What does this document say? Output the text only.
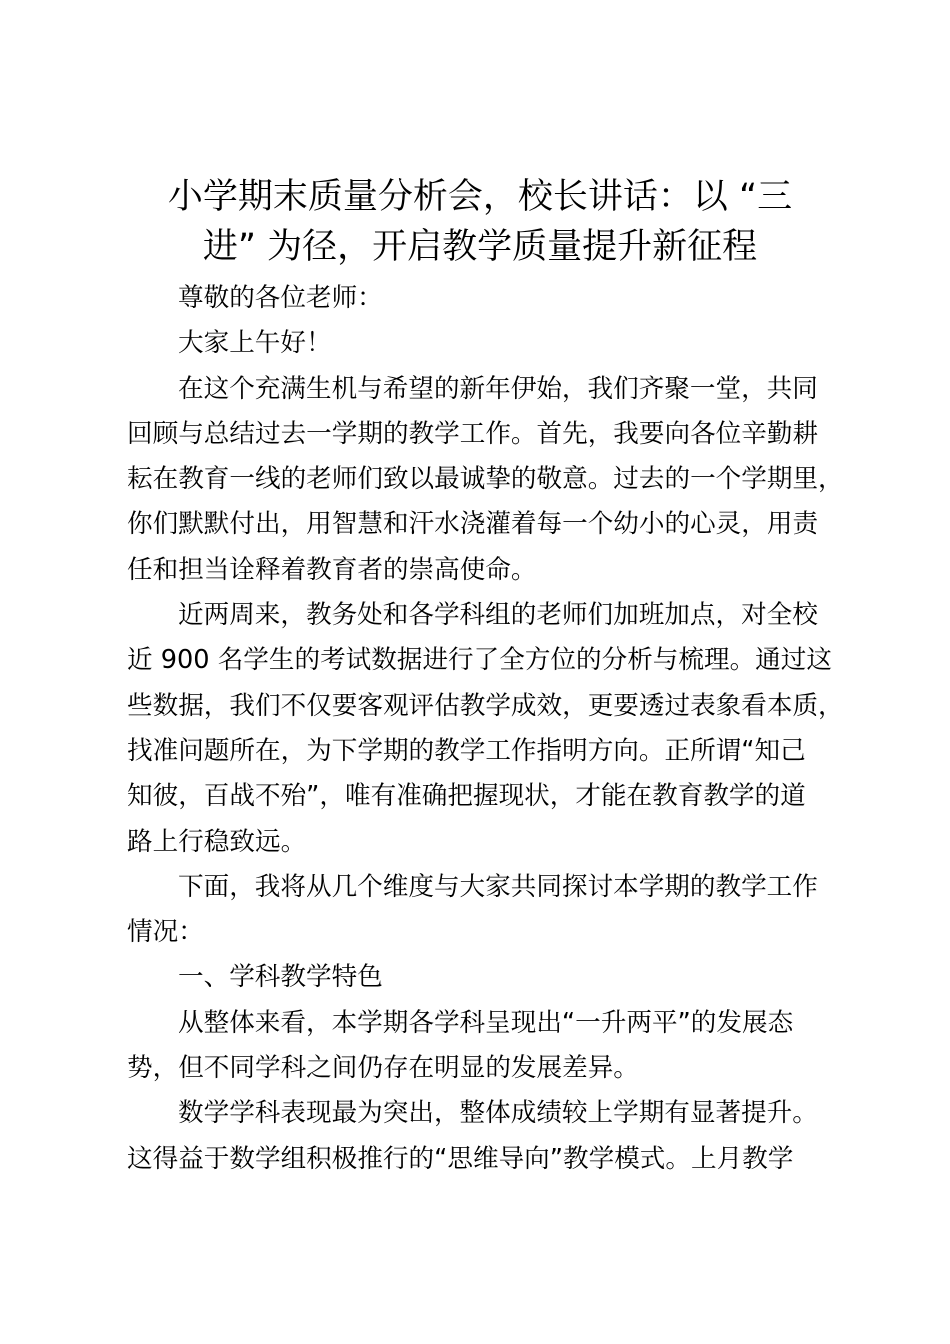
小学期末质量分析会，校长讲话：以 “三
进” 为径，开启教学质量提升新征程

尊敬的各位老师：

大家上午好！

在这个充满生机与希望的新年伊始，我们齐聚一堂，共同
回顾与总结过去一学期的教学工作。首先，我要向各位辛勤耕
耘在教育一线的老师们致以最诚挚的敬意。过去的一个学期里，
你们默默付出，用智慧和汗水浇灌着每一个幼小的心灵，用责
任和担当诠释着教育者的崇高使命。

近两周来，教务处和各学科组的老师们加班加点，对全校
近 900 名学生的考试数据进行了全方位的分析与梳理。通过这
些数据，我们不仅要客观评估教学成效，更要透过表象看本质，
找准问题所在，为下学期的教学工作指明方向。正所谓“知己
知彼，百战不殆”，唯有准确把握现状，才能在教育教学的道
路上行稳致远。

下面，我将从几个维度与大家共同探讨本学期的教学工作
情况：

一、学科教学特色

从整体来看，本学期各学科呈现出“一升两平”的发展态
势，但不同学科之间仍存在明显的发展差异。

数学学科表现最为突出，整体成绩较上学期有显著提升。
这得益于数学组积极推行的“思维导向”教学模式。上月教学
